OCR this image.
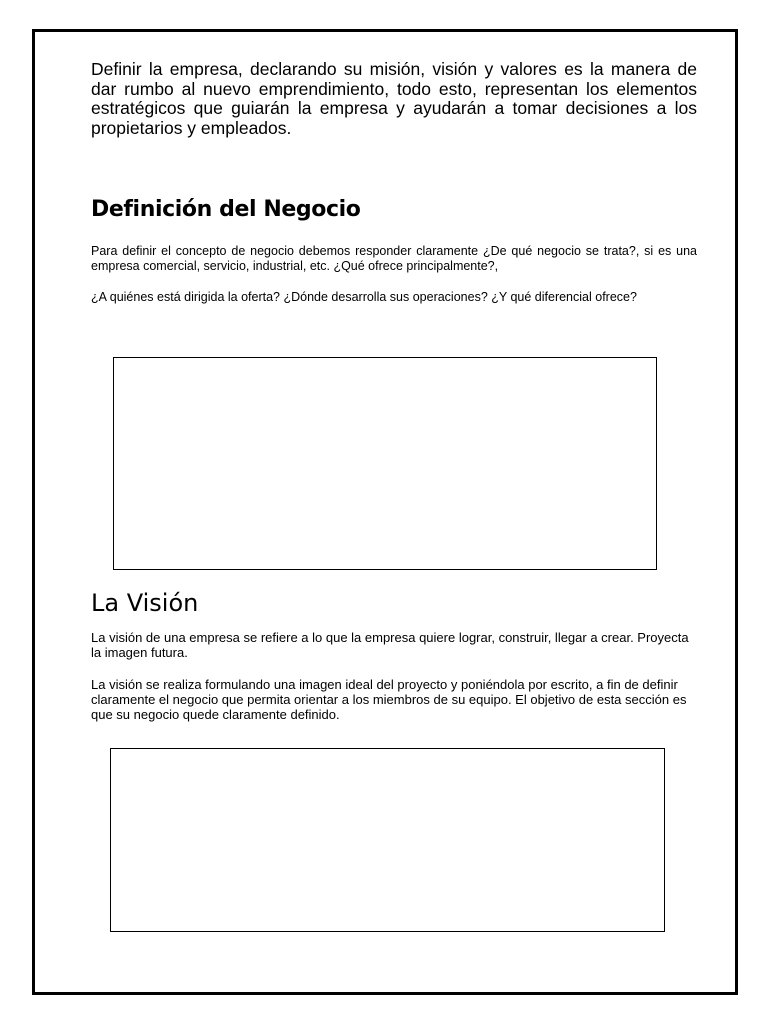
Definir la empresa, declarando su misión, visión y valores es la manera de dar rumbo al nuevo emprendimiento, todo esto, representan los elementos estratégicos que guiarán la empresa y ayudarán a tomar decisiones a los propietarios y empleados.

Definición del Negocio

Para definir el concepto de negocio debemos responder claramente ¿De qué negocio se trata?, si es una empresa comercial, servicio, industrial, etc. ¿Qué ofrece principalmente?,

¿A quiénes está dirigida la oferta? ¿Dónde desarrolla sus operaciones? ¿Y qué diferencial ofrece?

La Visión

La visión de una empresa se refiere a lo que la empresa quiere lograr, construir, llegar a crear. Proyecta la imagen futura.

La visión se realiza formulando una imagen ideal del proyecto y poniéndola por escrito, a fin de definir claramente el negocio que permita orientar a los miembros de su equipo. El objetivo de esta sección es que su negocio quede claramente definido.
